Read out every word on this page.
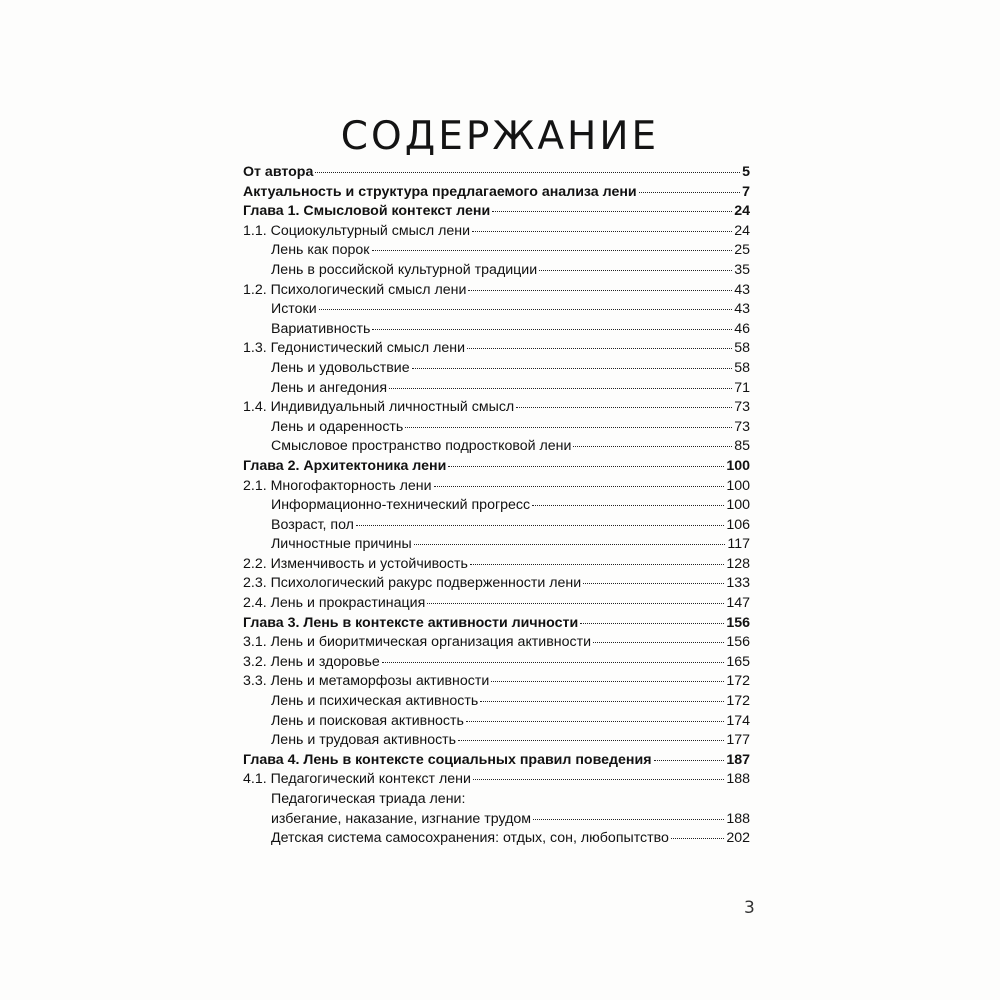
СОДЕРЖАНИЕ
От автора	5
Актуальность и структура предлагаемого анализа лени	7
Глава 1. Смысловой контекст лени	24
1.1. Социокультурный смысл лени	24
Лень как порок	25
Лень в российской культурной традиции	35
1.2. Психологический смысл лени	43
Истоки	43
Вариативность	46
1.3. Гедонистический смысл лени	58
Лень и удовольствие	58
Лень и ангедония	71
1.4. Индивидуальный личностный смысл	73
Лень и одаренность	73
Смысловое пространство подростковой лени	85
Глава 2. Архитектоника лени	100
2.1. Многофакторность лени	100
Информационно-технический прогресс	100
Возраст, пол	106
Личностные причины	117
2.2. Изменчивость и устойчивость	128
2.3. Психологический ракурс подверженности лени	133
2.4. Лень и прокрастинация	147
Глава 3. Лень в контексте активности личности	156
3.1. Лень и биоритмическая организация активности	156
3.2. Лень и здоровье	165
3.3. Лень и метаморфозы активности	172
Лень и психическая активность	172
Лень и поисковая активность	174
Лень и трудовая активность	177
Глава 4. Лень в контексте социальных правил поведения	187
4.1. Педагогический контекст лени	188
Педагогическая триада лени:
избегание, наказание, изгнание трудом	188
Детская система самосохранения: отдых, сон, любопытство	202
3
